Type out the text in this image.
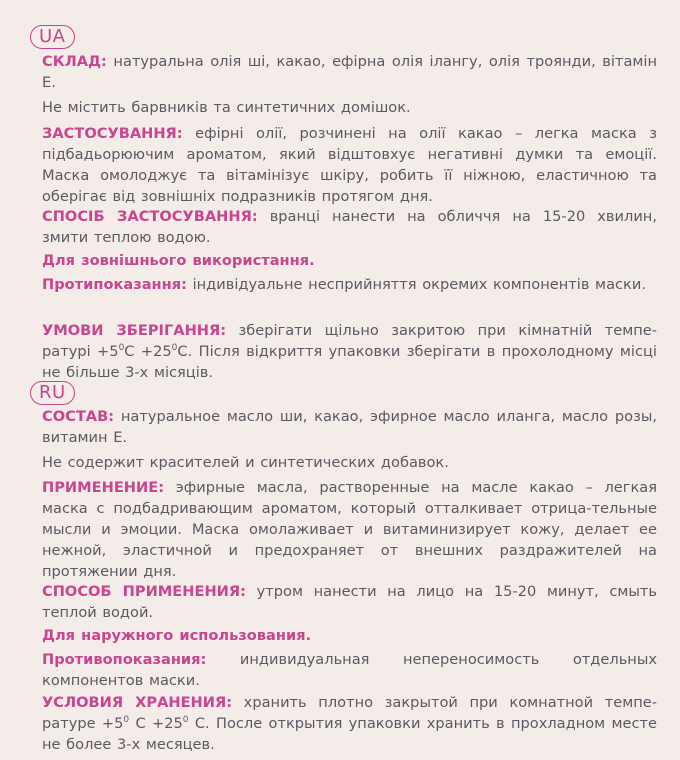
UA
СКЛАД: натуральна олія ші, какао, ефірна олія ілангу, олія троянди, вітамін Е.
Не містить барвників та синтетичних домішок.
ЗАСТОСУВАННЯ: ефірні олії, розчинені на олії какао – легка маска з підбадьорюючим ароматом, який відштовхує негативні думки та емоції. Маска омолоджує та вітамінізує шкіру, робить її ніжною, еластичною та оберігає від зовнішніх подразників протягом дня.
СПОСІБ ЗАСТОСУВАННЯ: вранці нанести на обличчя на 15-20 хвилин, змити теплою водою.
Для зовнішнього використання.
Протипоказання: індивідуальне несприйняття окремих компонентів маски.
УМОВИ ЗБЕРІГАННЯ: зберігати щільно закритою при кімнатній темпе-ратурі $+5^0С +25^0С$. Після відкриття упаковки зберігати в прохолодному місці не більше 3-х місяців.
RU
СОСТАВ: натуральное масло ши, какао, эфирное масло иланга, масло розы, витамин Е.
Не содержит красителей и синтетических добавок.
ПРИМЕНЕНИЕ: эфирные масла, растворенные на масле какао – легкая маска с подбадривающим ароматом, который отталкивает отрица-тельные мысли и эмоции. Маска омолаживает и витаминизирует кожу, делает ее нежной, эластичной и предохраняет от внешних раздражителей на протяжении дня.
СПОСОБ ПРИМЕНЕНИЯ: утром нанести на лицо на 15-20 минут, смыть теплой водой.
Для наружного использования.
Противопоказания: индивидуальная непереносимость отдельных компонентов маски.
УСЛОВИЯ ХРАНЕНИЯ: хранить плотно закрытой при комнатной темпе-ратуре $+5^0$ $С +25^0$ С. После открытия упаковки хранить в прохладном месте не более 3-х месяцев.
